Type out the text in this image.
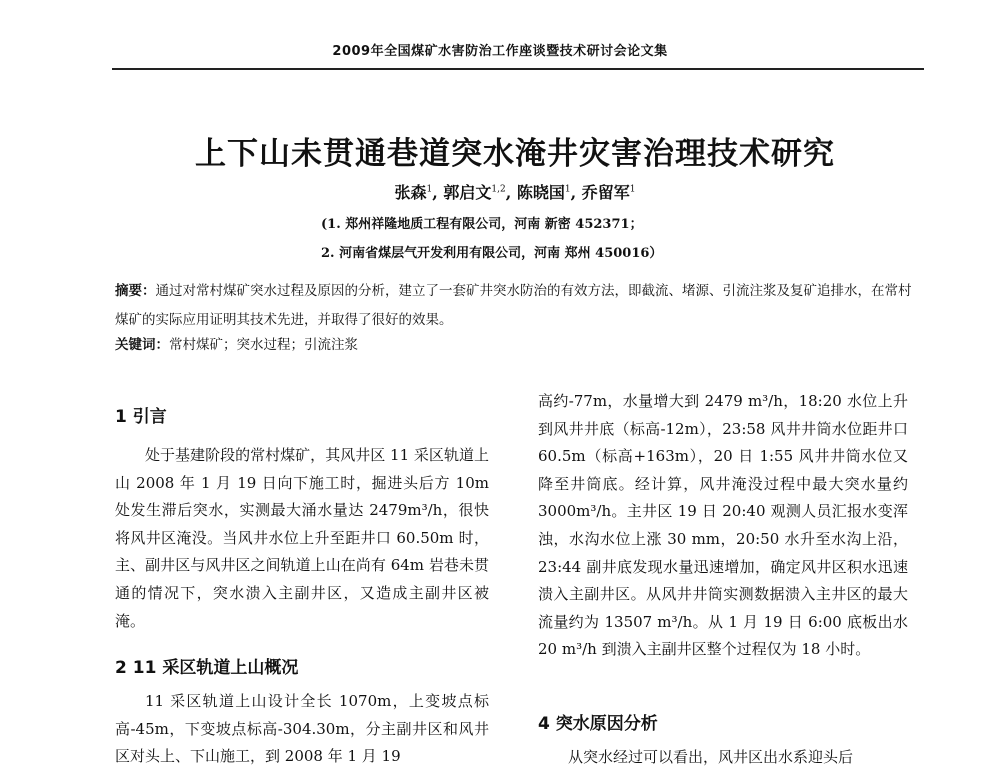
2009年全国煤矿水害防治工作座谈暨技术研讨会论文集
上下山未贯通巷道突水淹井灾害治理技术研究
张森$^1$, 郭启文$^{1,2}$, 陈晓国$^1$, 乔留军$^1$
(1. 郑州祥隆地质工程有限公司，河南 新密 452371；
2. 河南省煤层气开发利用有限公司，河南 郑州 450016）
摘要：通过对常村煤矿突水过程及原因的分析，建立了一套矿井突水防治的有效方法，即截流、堵源、引流注浆及复矿追排水，在常村煤矿的实际应用证明其技术先进，并取得了很好的效果。
关键词：常村煤矿；突水过程；引流注浆
1 引言
处于基建阶段的常村煤矿，其风井区 11 采区轨道上山 2008 年 1 月 19 日向下施工时，掘进头后方 10m 处发生滞后突水，实测最大涌水量达 2479m³/h，很快将风井区淹没。当风井水位上升至距井口 60.50m 时，主、副井区与风井区之间轨道上山在尚有 64m 岩巷未贯通的情况下，突水溃入主副井区，又造成主副井区被淹。
2 11 采区轨道上山概况
11 采区轨道上山设计全长 1070m，上变坡点标高-45m，下变坡点标高-304.30m，分主副井区和风井区对头上、下山施工，到 2008 年 1 月 19
高约-77m，水量增大到 2479 m³/h，18:20 水位上升到风井井底（标高-12m），23:58 风井井筒水位距井口 60.5m（标高+163m），20 日 1:55 风井井筒水位又降至井筒底。经计算，风井淹没过程中最大突水量约 3000m³/h。主井区 19 日 20:40 观测人员汇报水变浑浊，水沟水位上涨 30 mm，20:50 水升至水沟上沿，23:44 副井底发现水量迅速增加，确定风井区积水迅速溃入主副井区。从风井井筒实测数据溃入主井区的最大流量约为 13507 m³/h。从 1 月 19 日 6:00 底板出水 20 m³/h 到溃入主副井区整个过程仅为 18 小时。
4 突水原因分析
从突水经过可以看出，风井区出水系迎头后
